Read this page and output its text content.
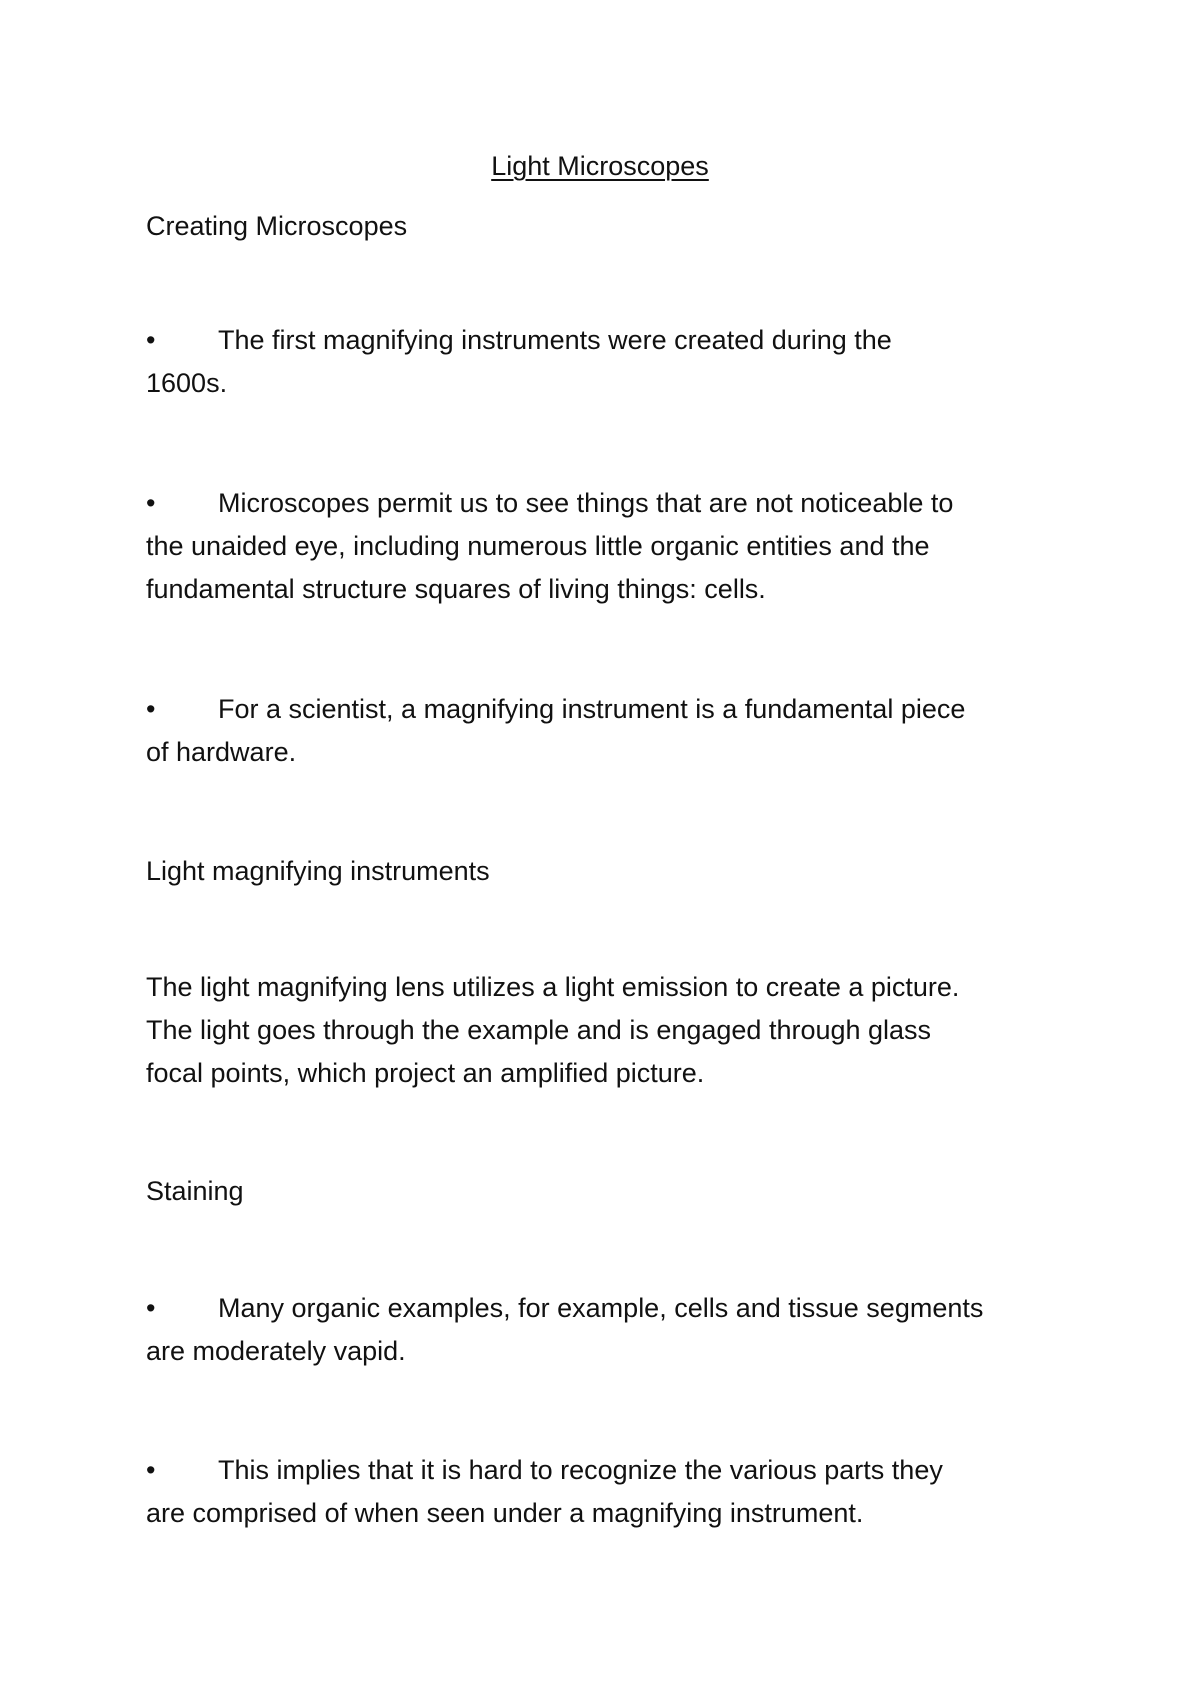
Light Microscopes
Creating Microscopes
• The first magnifying instruments were created during the
1600s.
• Microscopes permit us to see things that are not noticeable to
the unaided eye, including numerous little organic entities and the
fundamental structure squares of living things: cells.
• For a scientist, a magnifying instrument is a fundamental piece
of hardware.
Light magnifying instruments
The light magnifying lens utilizes a light emission to create a picture.
The light goes through the example and is engaged through glass
focal points, which project an amplified picture.
Staining
• Many organic examples, for example, cells and tissue segments
are moderately vapid.
• This implies that it is hard to recognize the various parts they
are comprised of when seen under a magnifying instrument.
